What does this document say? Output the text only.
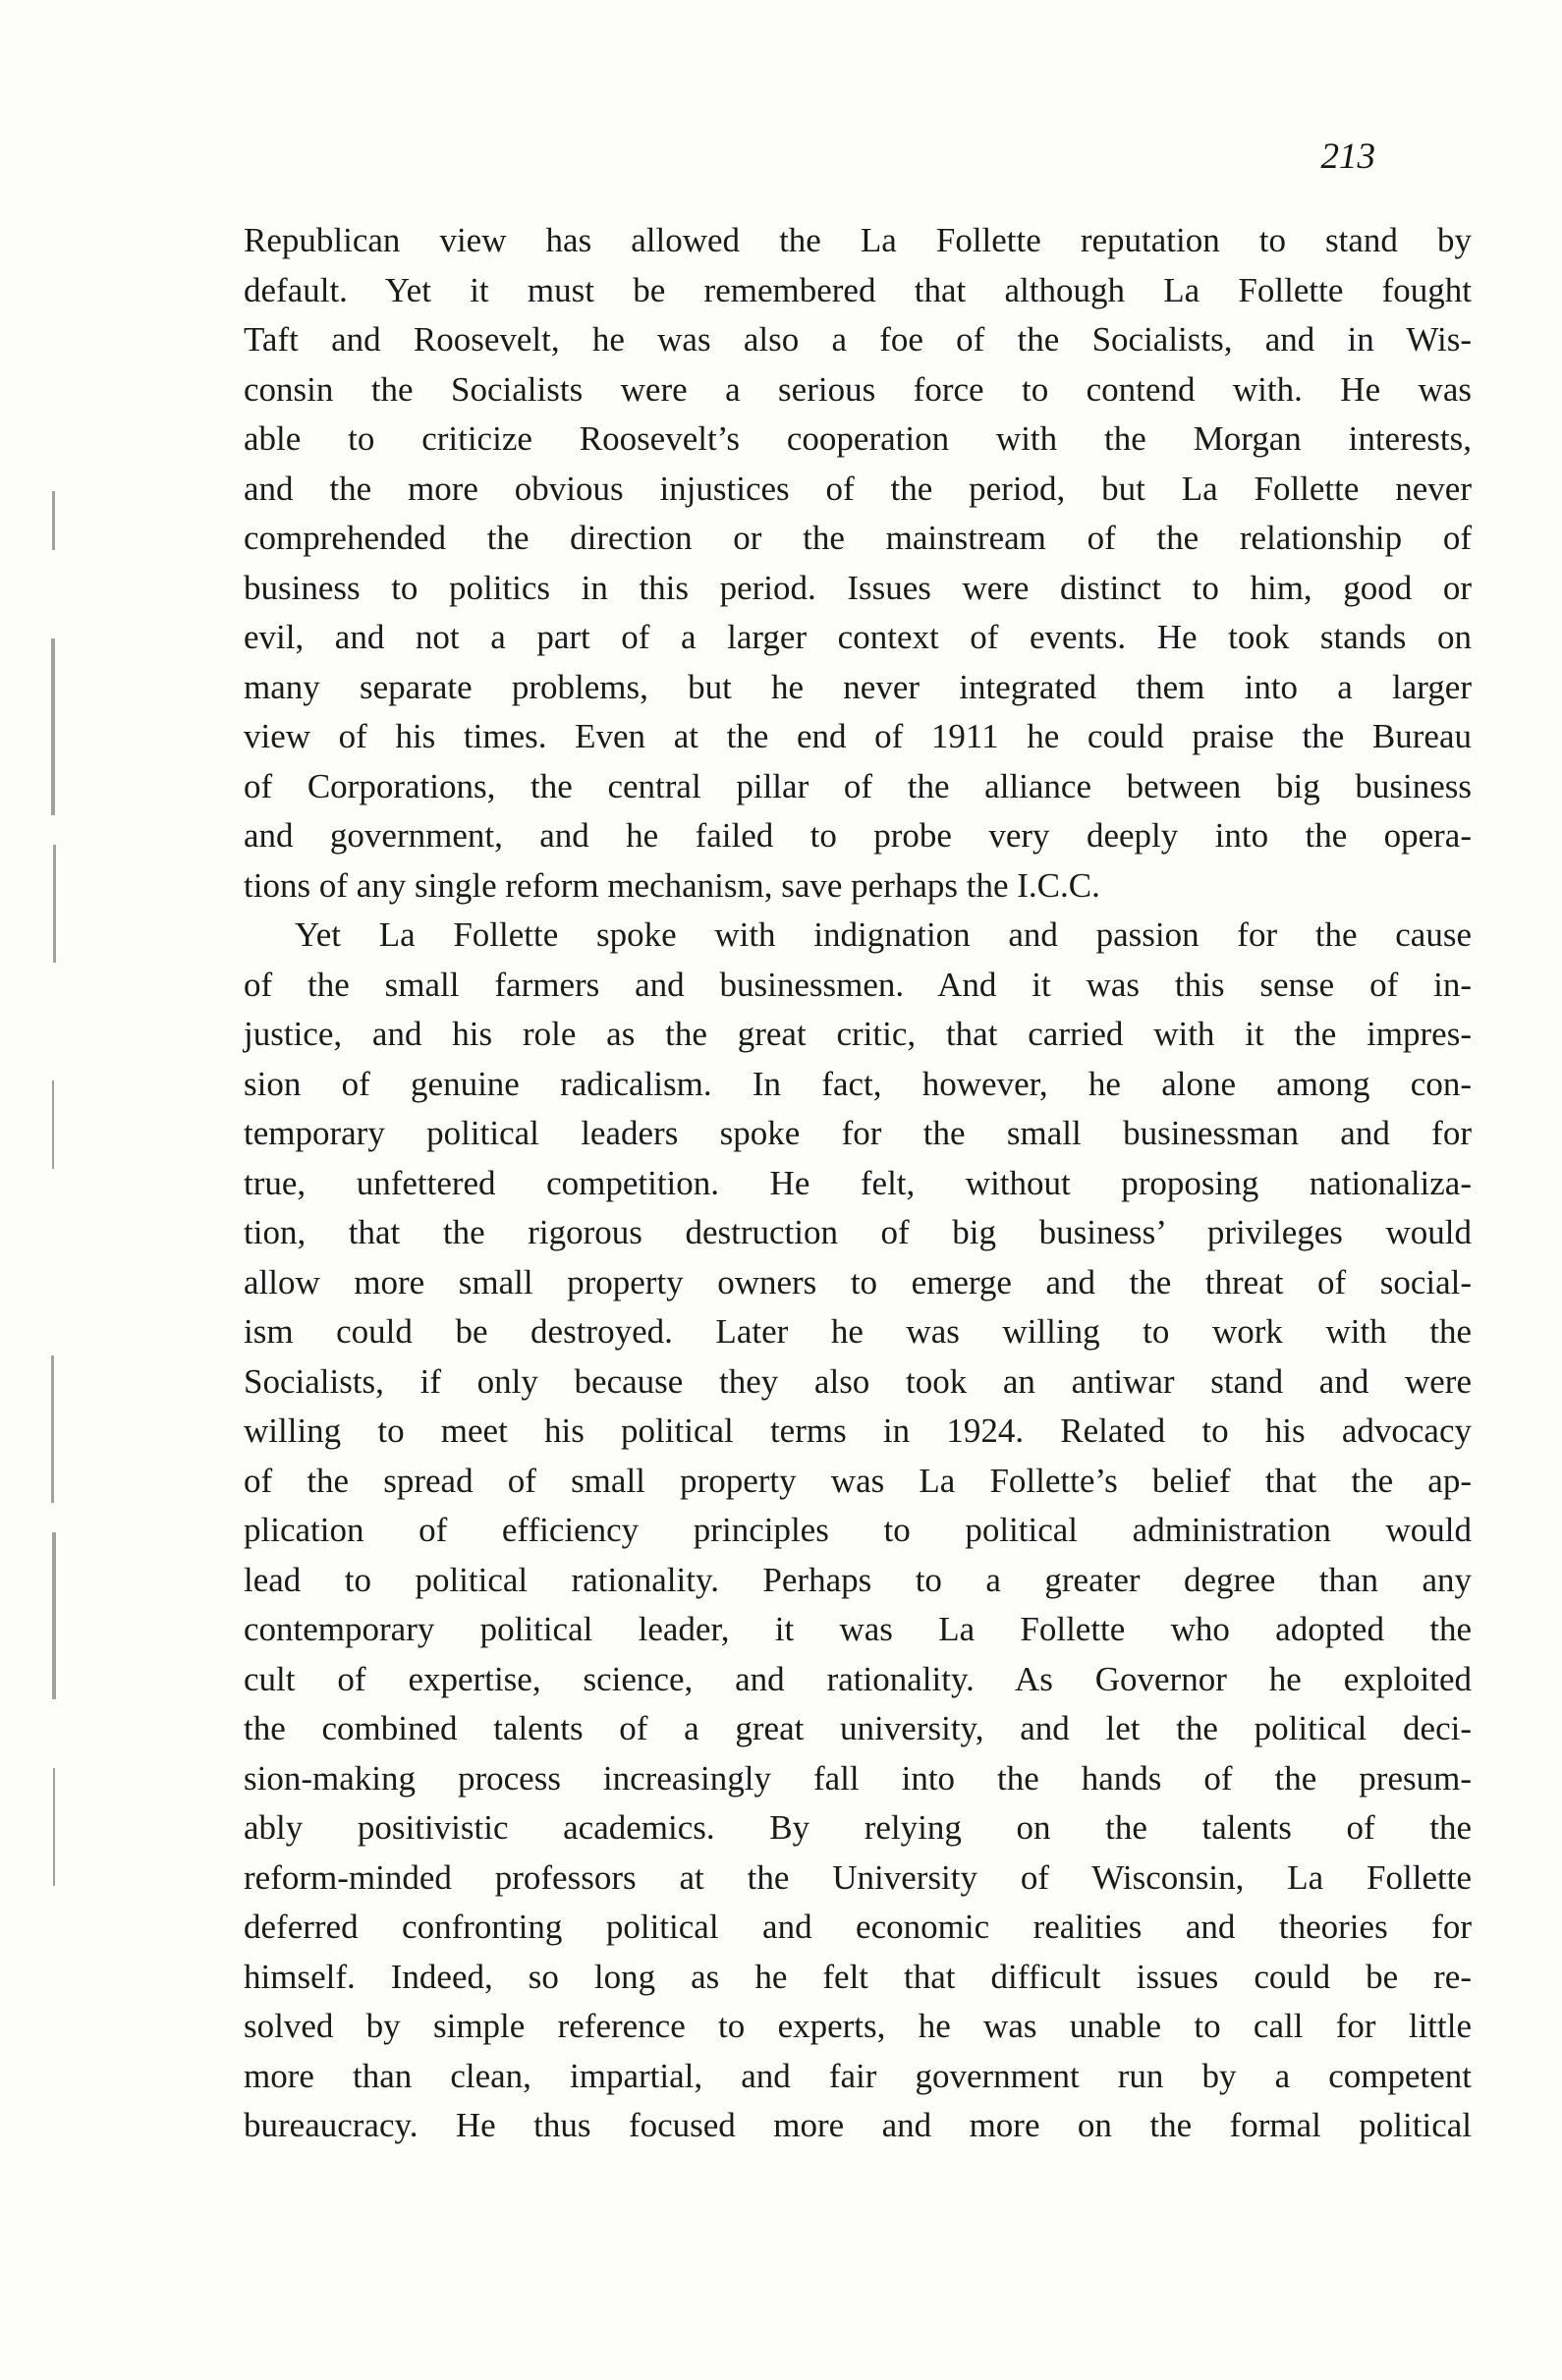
213

Republican view has allowed the La Follette reputation to stand by
default. Yet it must be remembered that although La Follette fought
Taft and Roosevelt, he was also a foe of the Socialists, and in Wis-
consin the Socialists were a serious force to contend with. He was
able to criticize Roosevelt’s cooperation with the Morgan interests,
and the more obvious injustices of the period, but La Follette never
comprehended the direction or the mainstream of the relationship of
business to politics in this period. Issues were distinct to him, good or
evil, and not a part of a larger context of events. He took stands on
many separate problems, but he never integrated them into a larger
view of his times. Even at the end of 1911 he could praise the Bureau
of Corporations, the central pillar of the alliance between big business
and government, and he failed to probe very deeply into the opera-
tions of any single reform mechanism, save perhaps the I.C.C.
Yet La Follette spoke with indignation and passion for the cause
of the small farmers and businessmen. And it was this sense of in-
justice, and his role as the great critic, that carried with it the impres-
sion of genuine radicalism. In fact, however, he alone among con-
temporary political leaders spoke for the small businessman and for
true, unfettered competition. He felt, without proposing nationaliza-
tion, that the rigorous destruction of big business’ privileges would
allow more small property owners to emerge and the threat of social-
ism could be destroyed. Later he was willing to work with the
Socialists, if only because they also took an antiwar stand and were
willing to meet his political terms in 1924. Related to his advocacy
of the spread of small property was La Follette’s belief that the ap-
plication of efficiency principles to political administration would
lead to political rationality. Perhaps to a greater degree than any
contemporary political leader, it was La Follette who adopted the
cult of expertise, science, and rationality. As Governor he exploited
the combined talents of a great university, and let the political deci-
sion-making process increasingly fall into the hands of the presum-
ably positivistic academics. By relying on the talents of the
reform-minded professors at the University of Wisconsin, La Follette
deferred confronting political and economic realities and theories for
himself. Indeed, so long as he felt that difficult issues could be re-
solved by simple reference to experts, he was unable to call for little
more than clean, impartial, and fair government run by a competent
bureaucracy. He thus focused more and more on the formal political
